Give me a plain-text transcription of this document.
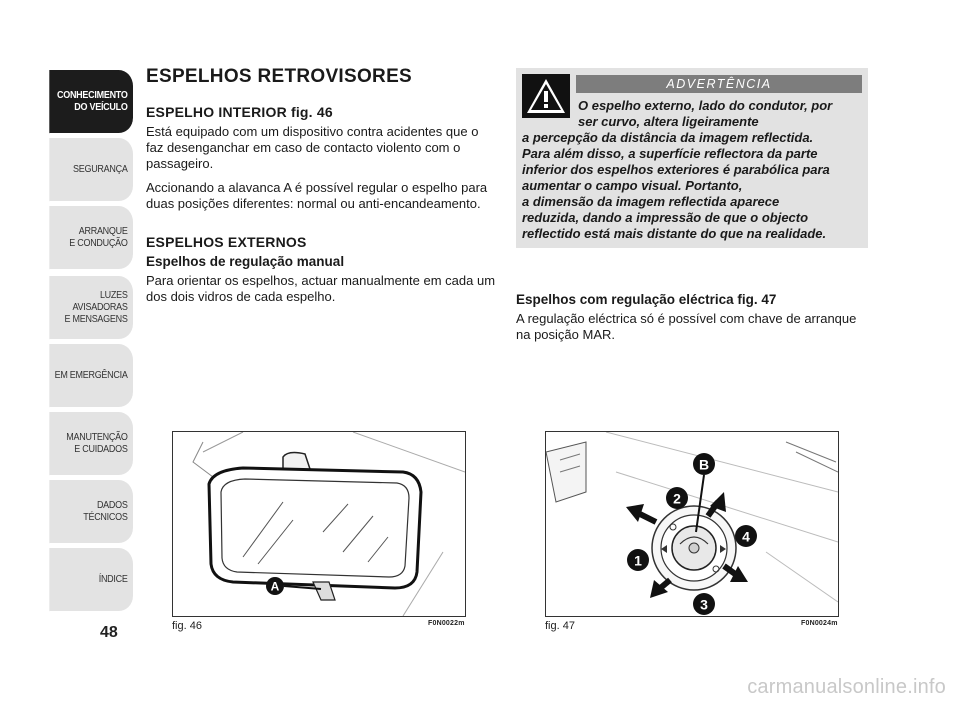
CONHECIMENTO
DO VEÍCULO
SEGURANÇA
ARRANQUE
E CONDUÇÃO
LUZES
AVISADORAS
E MENSAGENS
EM EMERGÊNCIA
MANUTENÇÃO
E CUIDADOS
DADOS
TÉCNICOS
ÍNDICE
48
ESPELHOS RETROVISORES
ESPELHO INTERIOR fig. 46
Está equipado com um dispositivo contra acidentes que o faz desenganchar em caso de contacto violento com o passageiro.
Accionando a alavanca A é possível regular o espelho para duas posições diferentes: normal ou anti-encandeamento.
ESPELHOS EXTERNOS
Espelhos de regulação manual
Para orientar os espelhos, actuar manualmente em cada um dos dois vidros de cada espelho.
ADVERTÊNCIA
O espelho externo, lado do condutor, por
ser curvo, altera ligeiramente
a percepção da distância da imagem reflectida.
Para além disso, a superfície reflectora da parte
inferior dos espelhos exteriores é parabólica para
aumentar o campo visual. Portanto,
a dimensão da imagem reflectida aparece
reduzida, dando a impressão de que o objecto
reflectido está mais distante do que na realidade.
Espelhos com regulação eléctrica fig. 47
A regulação eléctrica só é possível com chave de arranque na posição MAR.
A
fig. 46	F0N0022m
B
2
4
1
3
fig. 47	F0N0024m
carmanualsonline.info
